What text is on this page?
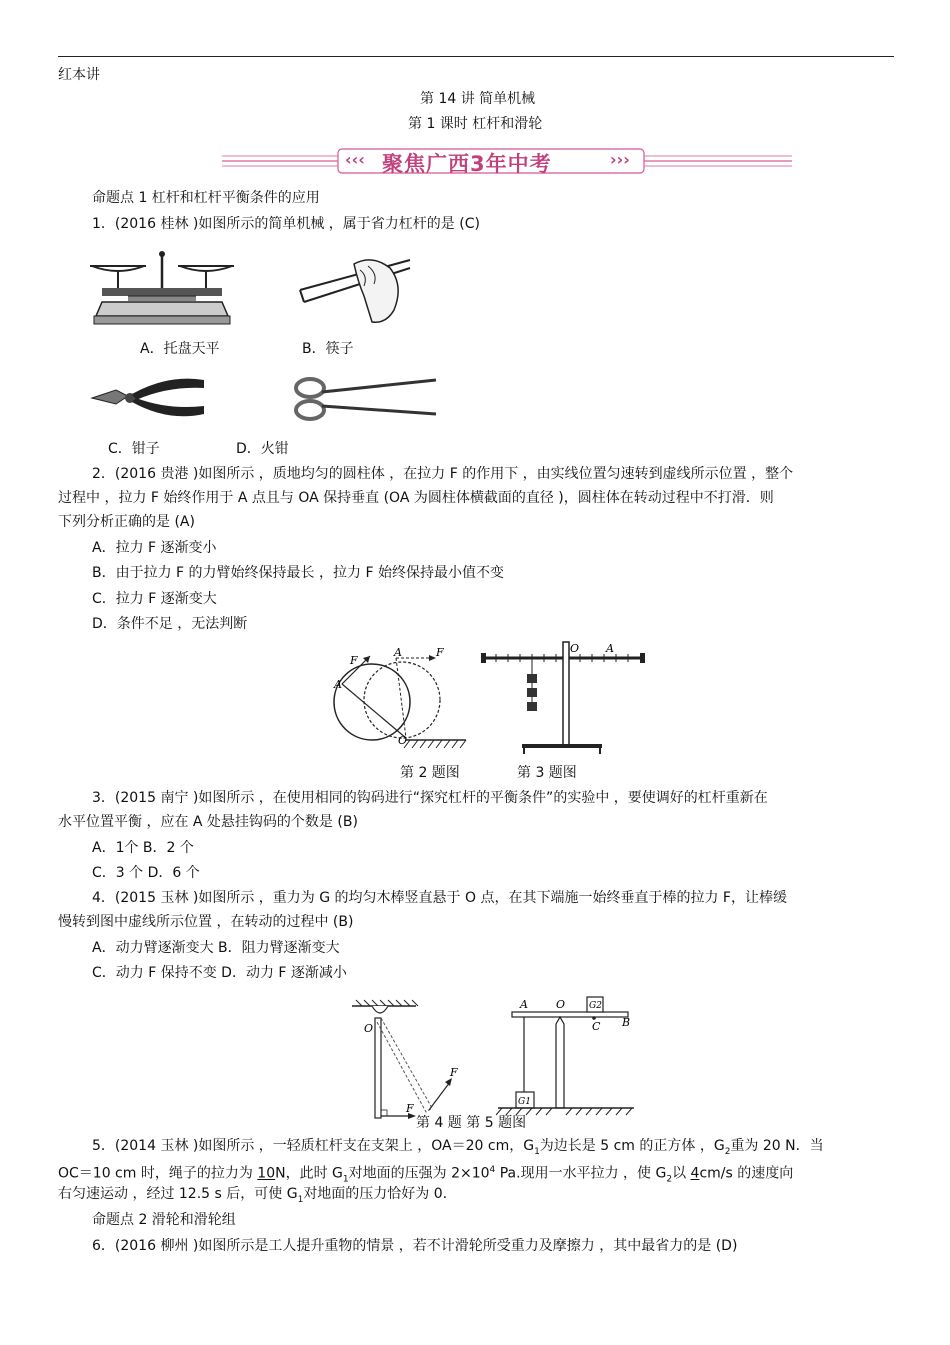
红本讲
第 14 讲 简单机械
第 1 课时 杠杆和滑轮
‹‹‹ 聚焦广西3年中考	›››
命题点 1 杠杆和杠杆平衡条件的应用
1．(2016 桂林 )如图所示的简单机械 ，属于省力杠杆的是 (C)
A．托盘天平	B．筷子
C．钳子	D．火钳
2．(2016 贵港 )如图所示 ，质地均匀的圆柱体 ，在拉力 F 的作用下 ，由实线位置匀速转到虚线所示位置 ，整个
过程中 ，拉力 F 始终作用于 A 点且与 OA 保持垂直 (OA 为圆柱体横截面的直径 )，圆柱体在转动过程中不打滑．则
下列分析正确的是 (A)
A．拉力 F 逐渐变小
B．由于拉力 F 的力臂始终保持最长 ，拉力 F 始终保持最小值不变
C．拉力 F 逐渐变大
D．条件不足 ，无法判断
F
A
O
A	F	O A
第 2 题图	第 3 题图
3．(2015 南宁 )如图所示 ，在使用相同的钩码进行“探究杠杆的平衡条件”的实验中 ，要使调好的杠杆重新在
水平位置平衡 ，应在 A 处悬挂钩码的个数是 (B)
A．1个 B．2 个
C．3 个 D．6 个
4．(2015 玉林 )如图所示 ，重力为 G 的均匀木棒竖直悬于 O 点，在其下端施一始终垂直于棒的拉力 F，让棒缓
慢转到图中虚线所示位置 ，在转动的过程中 (B)
A．动力臂逐渐变大 B．阻力臂逐渐变大
C．动力 F 保持不变 D．动力 F 逐渐减小
O
F
F
A	O	G2
C B
G1
第 4 题 第 5 题图
5．(2014 玉林 )如图所示 ，一轻质杠杆支在支架上 ，OA＝20 cm，$G_1$为边长是 5 cm 的正方体 ，$G_2$重为 20 N．当
OC＝10 cm 时，绳子的拉力为 10N，此时 $G_1$对地面的压强为 $2\times 10^4$ Pa.现用一水平拉力 ，使 $G_2$以 4cm/s 的速度向
右匀速运动 ，经过 12.5 s 后，可使 $G_1$对地面的压力恰好为 0.
命题点 2 滑轮和滑轮组
6．(2016 柳州 )如图所示是工人提升重物的情景 ，若不计滑轮所受重力及摩擦力 ，其中最省力的是 (D)
